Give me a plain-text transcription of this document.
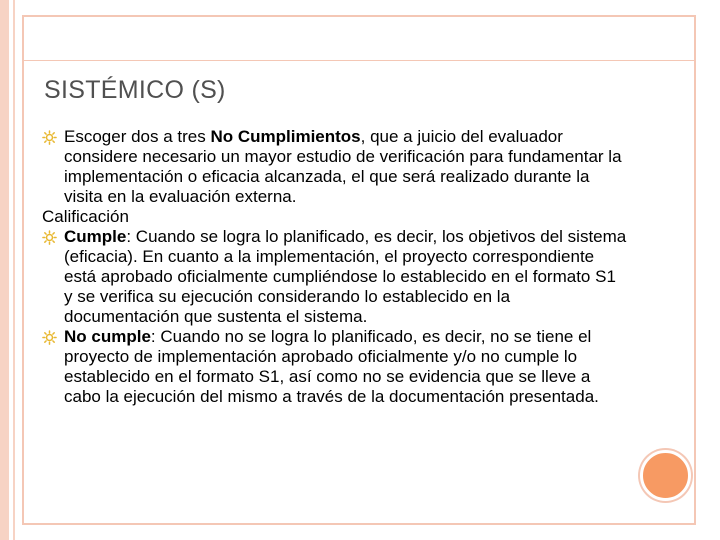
SISTÉMICO (S)
Escoger dos a tres No Cumplimientos, que a juicio del evaluador considere necesario un mayor estudio de verificación para fundamentar la implementación o eficacia alcanzada, el que será realizado durante la visita en la evaluación externa.
Calificación
Cumple: Cuando se logra lo planificado, es decir, los objetivos del sistema (eficacia). En cuanto a la implementación, el proyecto correspondiente está aprobado oficialmente cumpliéndose lo establecido en el formato S1 y se verifica su ejecución considerando lo establecido en la documentación que sustenta el sistema.
No cumple: Cuando no se logra lo planificado, es decir, no se tiene el proyecto de implementación aprobado oficialmente y/o no cumple lo establecido en el formato S1, así como no se evidencia que se lleve a cabo la ejecución del mismo a través de la documentación presentada.
